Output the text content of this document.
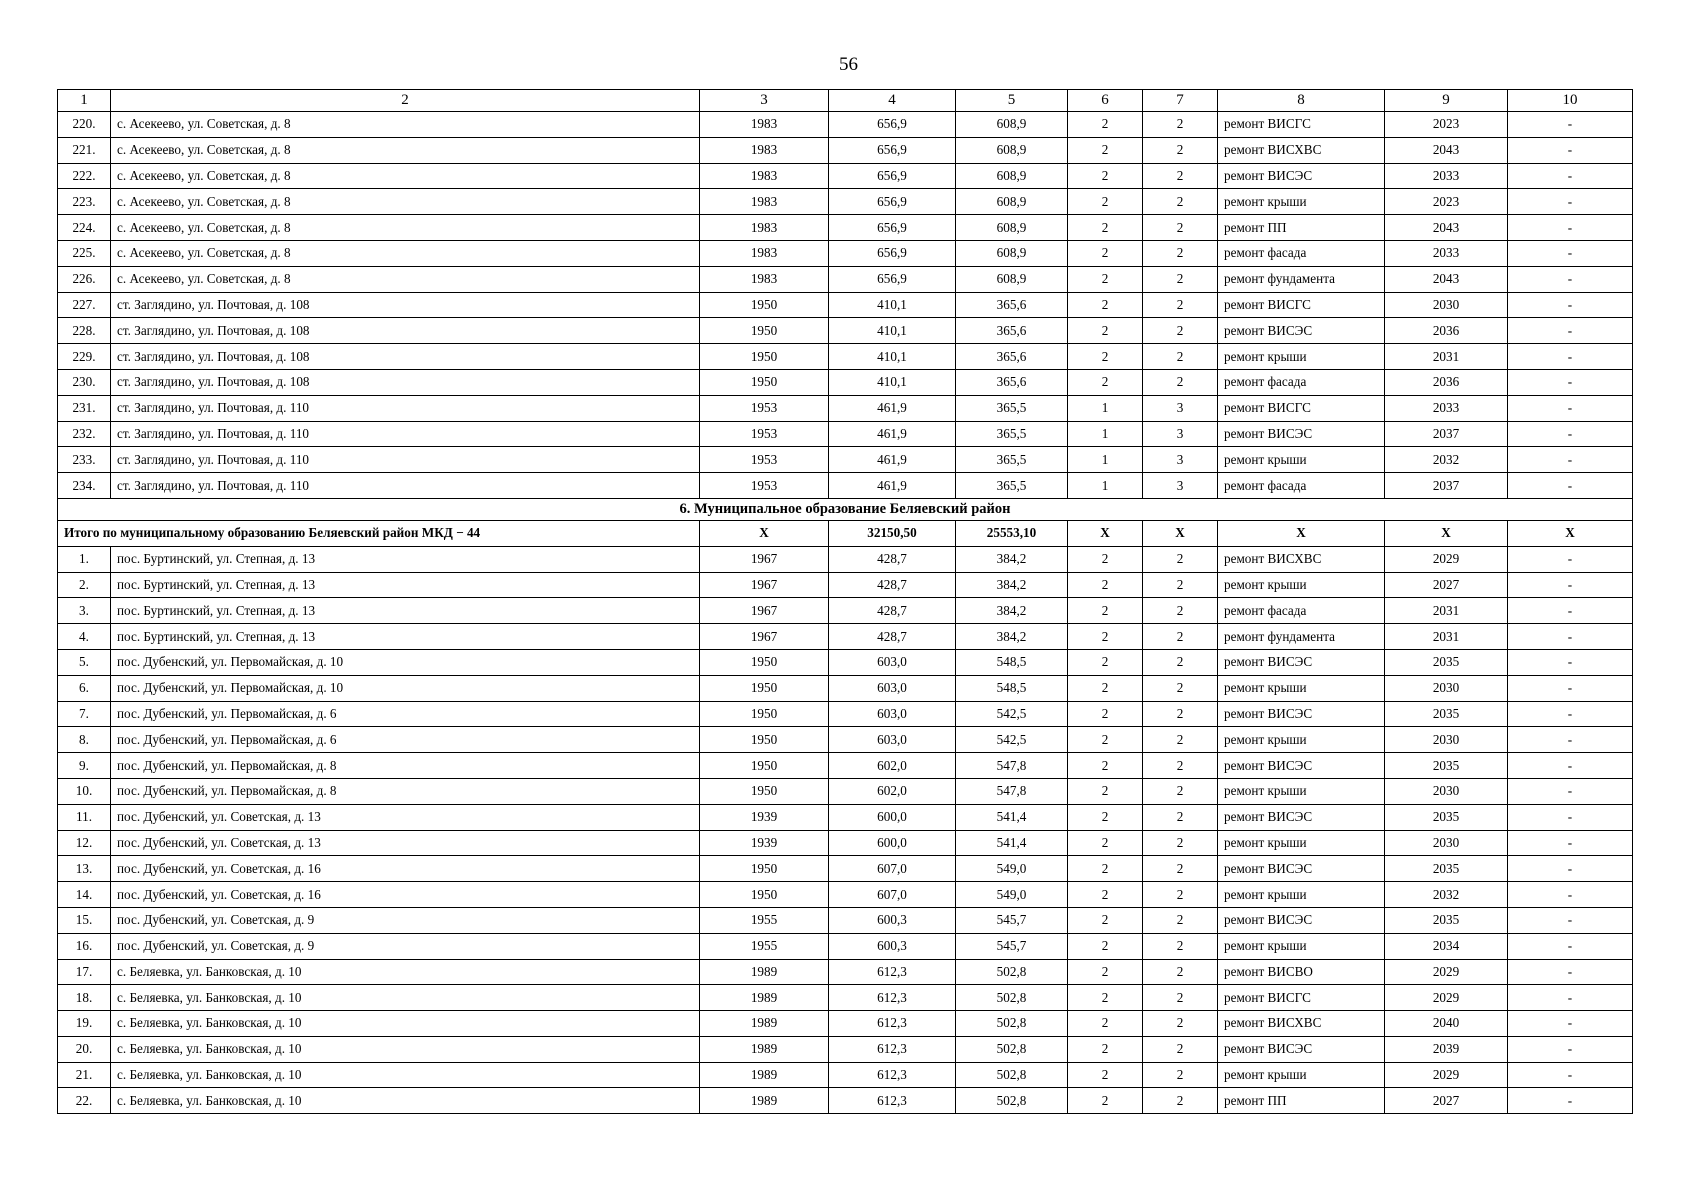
56
1	2	3	4	5	6	7	8	9	10
220.	с. Асекеево, ул. Советская, д. 8	1983	656,9	608,9	2	2	ремонт ВИСГС	2023	-
221.	с. Асекеево, ул. Советская, д. 8	1983	656,9	608,9	2	2	ремонт ВИСХВС	2043	-
222.	с. Асекеево, ул. Советская, д. 8	1983	656,9	608,9	2	2	ремонт ВИСЭС	2033	-
223.	с. Асекеево, ул. Советская, д. 8	1983	656,9	608,9	2	2	ремонт крыши	2023	-
224.	с. Асекеево, ул. Советская, д. 8	1983	656,9	608,9	2	2	ремонт ПП	2043	-
225.	с. Асекеево, ул. Советская, д. 8	1983	656,9	608,9	2	2	ремонт фасада	2033	-
226.	с. Асекеево, ул. Советская, д. 8	1983	656,9	608,9	2	2	ремонт фундамента	2043	-
227.	ст. Заглядино, ул. Почтовая, д. 108	1950	410,1	365,6	2	2	ремонт ВИСГС	2030	-
228.	ст. Заглядино, ул. Почтовая, д. 108	1950	410,1	365,6	2	2	ремонт ВИСЭС	2036	-
229.	ст. Заглядино, ул. Почтовая, д. 108	1950	410,1	365,6	2	2	ремонт крыши	2031	-
230.	ст. Заглядино, ул. Почтовая, д. 108	1950	410,1	365,6	2	2	ремонт фасада	2036	-
231.	ст. Заглядино, ул. Почтовая, д. 110	1953	461,9	365,5	1	3	ремонт ВИСГС	2033	-
232.	ст. Заглядино, ул. Почтовая, д. 110	1953	461,9	365,5	1	3	ремонт ВИСЭС	2037	-
233.	ст. Заглядино, ул. Почтовая, д. 110	1953	461,9	365,5	1	3	ремонт крыши	2032	-
234.	ст. Заглядино, ул. Почтовая, д. 110	1953	461,9	365,5	1	3	ремонт фасада	2037	-
6. Муниципальное образование Беляевский район									
Итого по муниципальному образованию Беляевский район МКД − 44		X	32150,50	25553,10	X	X	X	X	X
1.	пос. Буртинский, ул. Степная, д. 13	1967	428,7	384,2	2	2	ремонт ВИСХВС	2029	-
2.	пос. Буртинский, ул. Степная, д. 13	1967	428,7	384,2	2	2	ремонт крыши	2027	-
3.	пос. Буртинский, ул. Степная, д. 13	1967	428,7	384,2	2	2	ремонт фасада	2031	-
4.	пос. Буртинский, ул. Степная, д. 13	1967	428,7	384,2	2	2	ремонт фундамента	2031	-
5.	пос. Дубенский, ул. Первомайская, д. 10	1950	603,0	548,5	2	2	ремонт ВИСЭС	2035	-
6.	пос. Дубенский, ул. Первомайская, д. 10	1950	603,0	548,5	2	2	ремонт крыши	2030	-
7.	пос. Дубенский, ул. Первомайская, д. 6	1950	603,0	542,5	2	2	ремонт ВИСЭС	2035	-
8.	пос. Дубенский, ул. Первомайская, д. 6	1950	603,0	542,5	2	2	ремонт крыши	2030	-
9.	пос. Дубенский, ул. Первомайская, д. 8	1950	602,0	547,8	2	2	ремонт ВИСЭС	2035	-
10.	пос. Дубенский, ул. Первомайская, д. 8	1950	602,0	547,8	2	2	ремонт крыши	2030	-
11.	пос. Дубенский, ул. Советская, д. 13	1939	600,0	541,4	2	2	ремонт ВИСЭС	2035	-
12.	пос. Дубенский, ул. Советская, д. 13	1939	600,0	541,4	2	2	ремонт крыши	2030	-
13.	пос. Дубенский, ул. Советская, д. 16	1950	607,0	549,0	2	2	ремонт ВИСЭС	2035	-
14.	пос. Дубенский, ул. Советская, д. 16	1950	607,0	549,0	2	2	ремонт крыши	2032	-
15.	пос. Дубенский, ул. Советская, д. 9	1955	600,3	545,7	2	2	ремонт ВИСЭС	2035	-
16.	пос. Дубенский, ул. Советская, д. 9	1955	600,3	545,7	2	2	ремонт крыши	2034	-
17.	с. Беляевка, ул. Банковская, д. 10	1989	612,3	502,8	2	2	ремонт ВИСВО	2029	-
18.	с. Беляевка, ул. Банковская, д. 10	1989	612,3	502,8	2	2	ремонт ВИСГС	2029	-
19.	с. Беляевка, ул. Банковская, д. 10	1989	612,3	502,8	2	2	ремонт ВИСХВС	2040	-
20.	с. Беляевка, ул. Банковская, д. 10	1989	612,3	502,8	2	2	ремонт ВИСЭС	2039	-
21.	с. Беляевка, ул. Банковская, д. 10	1989	612,3	502,8	2	2	ремонт крыши	2029	-
22.	с. Беляевка, ул. Банковская, д. 10	1989	612,3	502,8	2	2	ремонт ПП	2027	-
